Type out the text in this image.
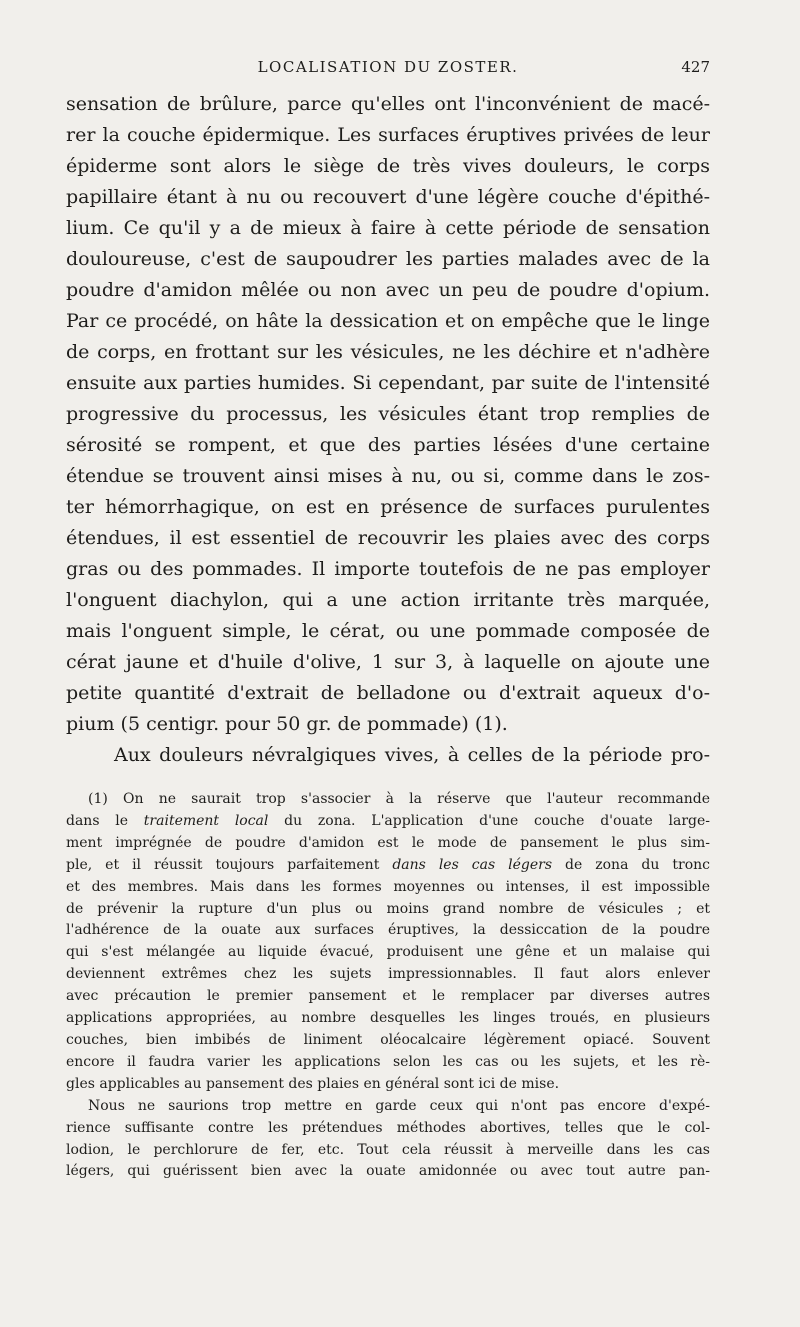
LOCALISATION DU ZOSTER.	427
sensation de brûlure, parce qu'elles ont l'inconvénient de macé-
rer la couche épidermique. Les surfaces éruptives privées de leur
épiderme sont alors le siège de très vives douleurs, le corps
papillaire étant à nu ou recouvert d'une légère couche d'épithé-
lium. Ce qu'il y a de mieux à faire à cette période de sensation
douloureuse, c'est de saupoudrer les parties malades avec de la
poudre d'amidon mêlée ou non avec un peu de poudre d'opium.
Par ce procédé, on hâte la dessication et on empêche que le linge
de corps, en frottant sur les vésicules, ne les déchire et n'adhère
ensuite aux parties humides. Si cependant, par suite de l'intensité
progressive du processus, les vésicules étant trop remplies de
sérosité se rompent, et que des parties lésées d'une certaine
étendue se trouvent ainsi mises à nu, ou si, comme dans le zos-
ter hémorrhagique, on est en présence de surfaces purulentes
étendues, il est essentiel de recouvrir les plaies avec des corps
gras ou des pommades. Il importe toutefois de ne pas employer
l'onguent diachylon, qui a une action irritante très marquée,
mais l'onguent simple, le cérat, ou une pommade composée de
cérat jaune et d'huile d'olive, 1 sur 3, à laquelle on ajoute une
petite quantité d'extrait de belladone ou d'extrait aqueux d'o-
pium (5 centigr. pour 50 gr. de pommade) (1).
Aux douleurs névralgiques vives, à celles de la période pro-
(1) On ne saurait trop s'associer à la réserve que l'auteur recommande
dans le traitement local du zona. L'application d'une couche d'ouate large-
ment imprégnée de poudre d'amidon est le mode de pansement le plus sim-
ple, et il réussit toujours parfaitement dans les cas légers de zona du tronc
et des membres. Mais dans les formes moyennes ou intenses, il est impossible
de prévenir la rupture d'un plus ou moins grand nombre de vésicules ; et
l'adhérence de la ouate aux surfaces éruptives, la dessiccation de la poudre
qui s'est mélangée au liquide évacué, produisent une gêne et un malaise qui
deviennent extrêmes chez les sujets impressionnables. Il faut alors enlever
avec précaution le premier pansement et le remplacer par diverses autres
applications appropriées, au nombre desquelles les linges troués, en plusieurs
couches, bien imbibés de liniment oléocalcaire légèrement opiacé. Souvent
encore il faudra varier les applications selon les cas ou les sujets, et les rè-
gles applicables au pansement des plaies en général sont ici de mise.
Nous ne saurions trop mettre en garde ceux qui n'ont pas encore d'expé-
rience suffisante contre les prétendues méthodes abortives, telles que le col-
lodion, le perchlorure de fer, etc. Tout cela réussit à merveille dans les cas
légers, qui guérissent bien avec la ouate amidonnée ou avec tout autre pan-
